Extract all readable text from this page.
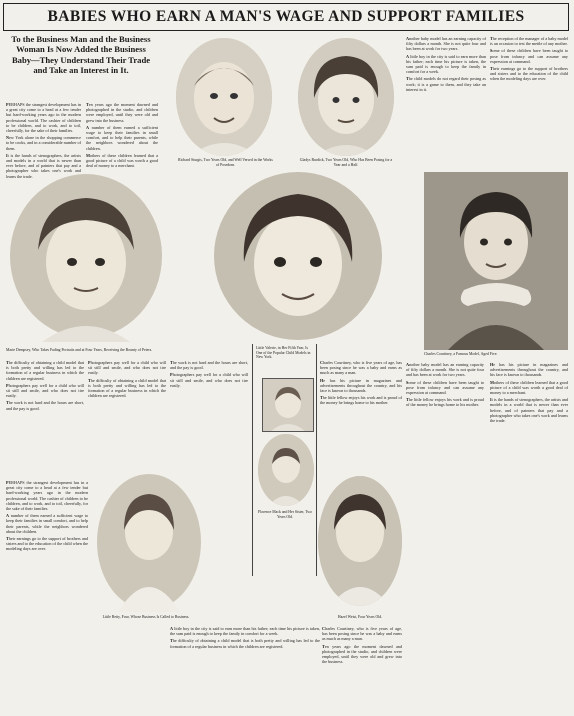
BABIES WHO EARN A MAN'S WAGE AND SUPPORT FAMILIES
To the Business Man and the Business Woman Is Now Added the Business Baby—They Understand Their Trade and Take an Interest in It.

PERHAPS the strangest development has in a great city come to a head at a few tender but hard-working years ago in the modern professional world. The cashier of children to be children, and to work, and to toil, cheerfully, for the sake of their families.

New York alone in the shopping commerce to be cooks, and in a considerable number of them.

It is the hands of stenographers, the artists and models in a world that is newer than ever before, and of painters that pay and a photographer who takes one's work and learns the trade.

Ten years ago the moment dawned and photographed in the studio, and children were employed, until they were old and grew into the business.

A number of them earned a sufficient wage to keep their families in small comfort, and to help their parents, while the neighbors wondered about the children.

Mothers of these children learned that a good picture of a child was worth a good deal of money to a merchant.

Richard Sturgis, Two Years Old, and Well Versed in the Works of Posedom.
Gladys Burdick, Two Years Old, Who Has Been Posing for a Year and a Half.

Another baby model has an earning capacity of fifty dollars a month. She is not quite four and has been at work for two years.

A little boy in the city is said to earn more than his father; each time his picture is taken, the sum paid is enough to keep the family in comfort for a week.

The child models do not regard their posing as work; it is a game to them, and they take an interest in it.

The reception of the manager of a baby model is an occasion to test the mettle of any mother.

Some of these children have been taught to pose from infancy and can assume any expression at command.

Their earnings go to the support of brothers and sisters and to the education of the child when the modeling days are over.

Marie Dempsey, Who Takes Fading Portraits and at Four Years, Receiving the Bounty of Peters.
Charles Courtiney, a Famous Model, Aged Five.
Little Valerie, in Her Fifth Year, Is One of the Popular Child Models in New York.

The difficulty of obtaining a child model that is both pretty and willing has led to the formation of a regular business in which the children are registered.

Photographers pay well for a child who will sit still and smile, and who does not tire easily.

The work is not hard and the hours are short, and the pay is good.

Photographers pay well for a child who will sit still and smile, and who does not tire easily.

The difficulty of obtaining a child model that is both pretty and willing has led to the formation of a regular business in which the children are registered.

The work is not hard and the hours are short, and the pay is good.

Photographers pay well for a child who will sit still and smile, and who does not tire easily.

Charles Courtiney, who is five years of age, has been posing since he was a baby and earns as much as many a man.

He has his picture in magazines and advertisements throughout the country, and his face is known to thousands.

The little fellow enjoys his work and is proud of the money he brings home to his mother.

Another baby model has an earning capacity of fifty dollars a month. She is not quite four and has been at work for two years.

Some of these children have been taught to pose from infancy and can assume any expression at command.

The little fellow enjoys his work and is proud of the money he brings home to his mother.

He has his picture in magazines and advertisements throughout the country, and his face is known to thousands.

Mothers of these children learned that a good picture of a child was worth a good deal of money to a merchant.

It is the hands of stenographers, the artists and models in a world that is newer than ever before, and of painters that pay and a photographer who takes one's work and learns the trade.

Little Betty, Four, Whose Business Is Called to Business.
Florence Mack and Her Sister, Two Years Old.
Hazel Weist, Four Years Old.

PERHAPS the strangest development has in a great city come to a head at a few tender but hard-working years ago in the modern professional world. The cashier of children to be children, and to work, and to toil, cheerfully, for the sake of their families.

A number of them earned a sufficient wage to keep their families in small comfort, and to help their parents, while the neighbors wondered about the children.

Their earnings go to the support of brothers and sisters and to the education of the child when the modeling days are over.

A little boy in the city is said to earn more than his father; each time his picture is taken, the sum paid is enough to keep the family in comfort for a week.

The difficulty of obtaining a child model that is both pretty and willing has led to the formation of a regular business in which the children are registered.

Charles Courtiney, who is five years of age, has been posing since he was a baby and earns as much as many a man.

Ten years ago the moment dawned and photographed in the studio, and children were employed, until they were old and grew into the business.
